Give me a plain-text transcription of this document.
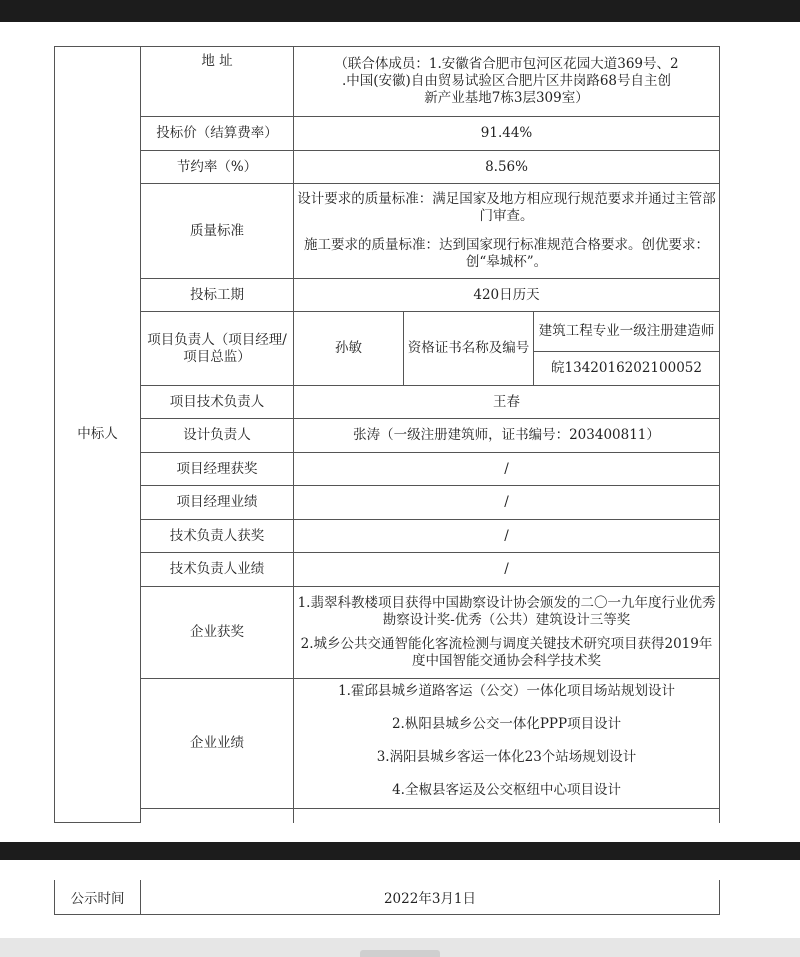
中标人	地 址	（联合体成员：1.安徽省合肥市包河区花园大道369号、2
.中国(安徽)自由贸易试验区合肥片区井岗路68号自主创
新产业基地7栋3层309室）		

	投标价（结算费率）	91.44%		
	节约率（%）	8.56%		
	质量标准	设计要求的质量标准：满足国家及地方相应现行规范要求并通过主管部门审查。
施工要求的质量标准：达到国家现行标准规范合格要求。创优要求：创“皋城杯”。		

	投标工期	420日历天		
	项目负责人（项目经理/项目总监）	孙敏	资格证书名称及编号	建筑工程专业一级注册建造师
				皖1342016202100052
	项目技术负责人	王春		
	设计负责人	张涛（一级注册建筑师，证书编号：203400811）		
	项目经理获奖	/		
	项目经理业绩	/		
	技术负责人获奖	/		
	技术负责人业绩	/		
	企业获奖	1.翡翠科教楼项目获得中国勘察设计协会颁发的二〇一九年度行业优秀勘察设计奖-优秀（公共）建筑设计三等奖
2.城乡公共交通智能化客流检测与调度关键技术研究项目获得2019年度中国智能交通协会科学技术奖		

	企业业绩	1.霍邱县城乡道路客运（公交）一体化项目场站规划设计
2.枞阳县城乡公交一体化PPP项目设计
3.涡阳县城乡客运一体化23个站场规划设计
4.全椒县客运及公交枢纽中心项目设计		

公示时间	2022年3月1日
